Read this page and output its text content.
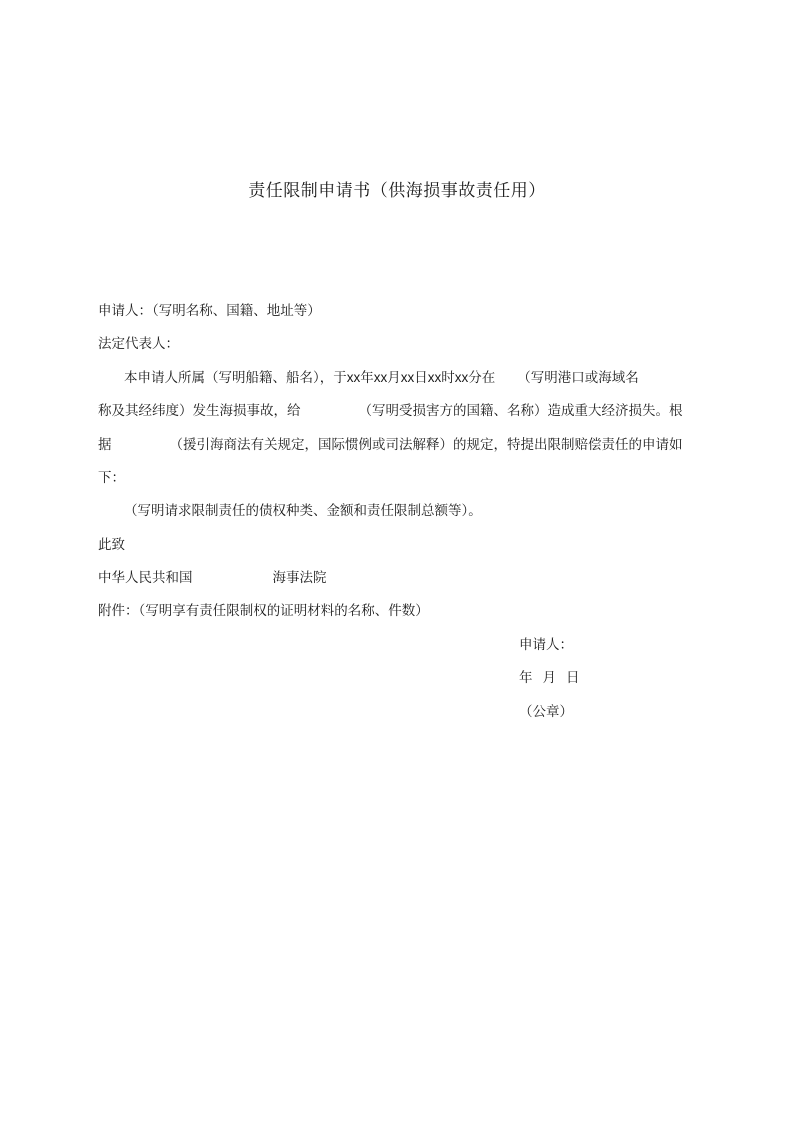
责任限制申请书（供海损事故责任用）
申请人：（写明名称、国籍、地址等）
法定代表人：
本申请人所属（写明船籍、船名），于xx年xx月xx日xx时xx分在 （写明港口或海域名
称及其经纬度）发生海损事故，给	（写明受损害方的国籍、名称）造成重大经济损失。根
据	（援引海商法有关规定，国际惯例或司法解释）的规定，特提出限制赔偿责任的申请如
下：
（写明请求限制责任的债权种类、金额和责任限制总额等）。
此致
中华人民共和国	海事法院
附件：（写明享有责任限制权的证明材料的名称、件数）
申请人：
年 月 日
（公章）
